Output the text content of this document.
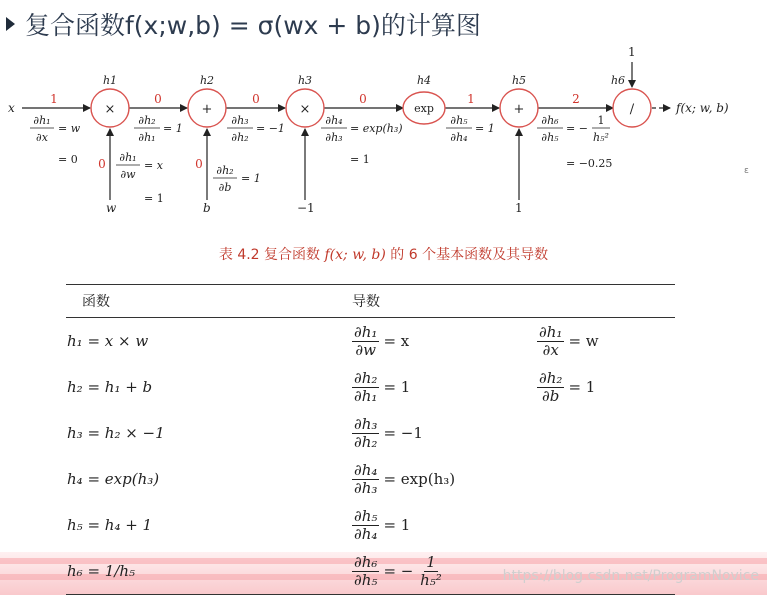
复合函数f(x;w,b) = σ(wx + b)的计算图
×	+	×	exp	+	/
h1	h2	h3	h4	h5	h6
x
w	b	−1	1
1
f(x; w, b)
1	0	0	0	1	2
0	0
∂h₁
∂x
= w
= 0	∂h₁
∂w
= x
= 1
∂h₂
∂h₁
= 1
∂h₂
∂b
= 1
∂h₃
∂h₂
= −1
∂h₄
∂h₃
= exp(h₃)
= 1
∂h₅
∂h₄
= 1
∂h₆
∂h₅
= −
1
h₅²
= −0.25
ɛ
表 4.2 复合函数 f(x; w, b) 的 6 个基本函数及其导数
函数	导数	
h₁ = x × w	$\frac{\text{∂h₁}}{\partial w} = x$	$\frac{\text{∂h₁}}{\partial x} = w$
h₂ = h₁ + b	$\frac{\text{∂h₂}}{\text{∂h₁}} = 1$	$\frac{\text{∂h₂}}{\partial b} = 1$
h₃ = h₂ × −1	$\frac{\text{∂h₃}}{\text{∂h₂}} = -1$	
h₄ = exp(h₃)	$\frac{\text{∂h₄}}{\text{∂h₃}} = \exp(h_3)$	
h₅ = h₄ + 1	$\frac{\text{∂h₅}}{\text{∂h₄}} = 1$	
h₆ = 1/h₅	$\frac{\text{∂h₆}}{\text{∂h₅}}$ = − $\frac{1}{\text{h₅²}}$
		https://blog.csdn.net/ProgramNovice
